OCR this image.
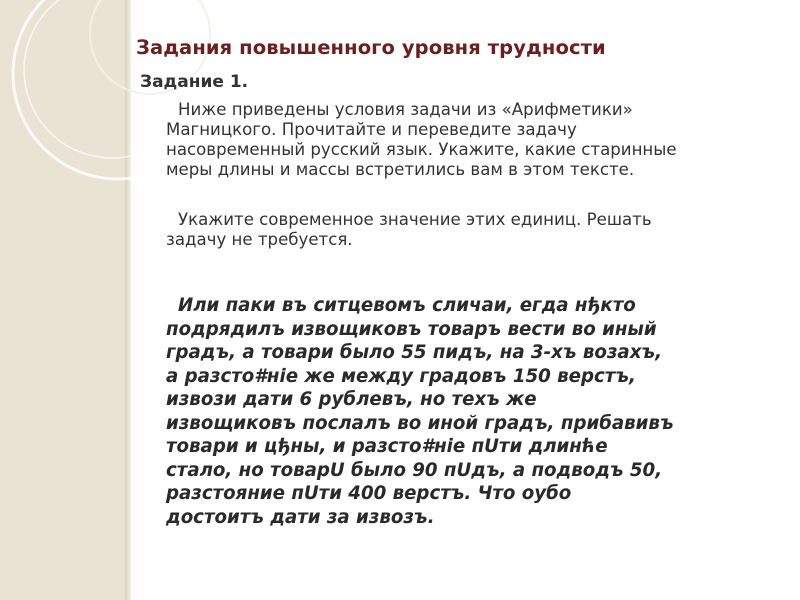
Задания повышенного уровня трудности
Задание 1.
Ниже приведены условия задачи из «Арифметики»
Магницкого. Прочитайте и переведите задачу
насовременный русский язык. Укажите, какие старинные
меры длины и массы встретились вам в этом тексте.
Укажите современное значение этих единиц. Решать
задачу не требуется.
Или паки въ ситцевомъ сличаи, егда нђкто
подрядилъ извощиковъ товаръ вести во иный
градъ, а товари было 55 пидъ, на 3-хъ возахъ,
а разсто#ніе же между градовъ 150 верстъ,
извози дати 6 рублевъ, но техъ же
извощиковъ послалъ во иной градъ, прибавивъ
товари и цђны, и разсто#ніе пUти длинће
стало, но товарU было 90 пUдъ, а подводъ 50,
разстояние пUти 400 верстъ. Что оубо
достоитъ дати за извозъ.
